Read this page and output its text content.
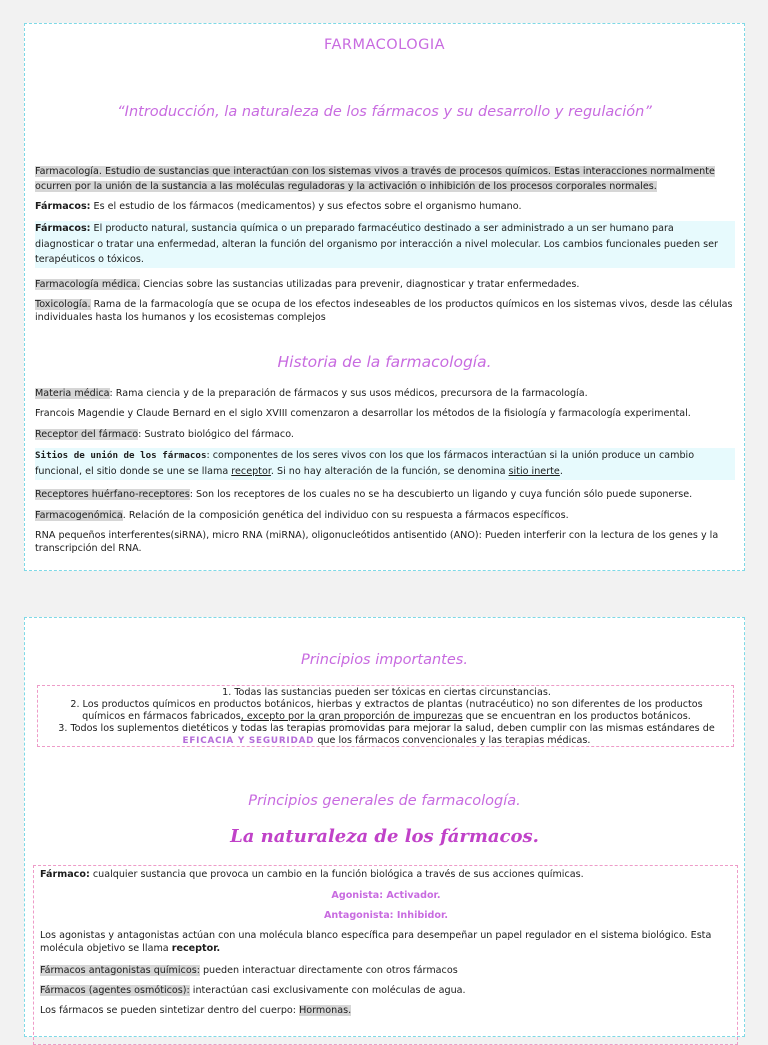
FARMACOLOGIA
“Introducción, la naturaleza de los fármacos y su desarrollo y regulación”
Farmacología. Estudio de sustancias que interactúan con los sistemas vivos a través de procesos químicos. Estas interacciones normalmente ocurren por la unión de la sustancia a las moléculas reguladoras y la activación o inhibición de los procesos corporales normales.
Fármacos: Es el estudio de los fármacos (medicamentos) y sus efectos sobre el organismo humano.
Fármacos: El producto natural, sustancia química o un preparado farmacéutico destinado a ser administrado a un ser humano para diagnosticar o tratar una enfermedad, alteran la función del organismo por interacción a nivel molecular. Los cambios funcionales pueden ser terapéuticos o tóxicos.
Farmacología médica. Ciencias sobre las sustancias utilizadas para prevenir, diagnosticar y tratar enfermedades.
Toxicología. Rama de la farmacología que se ocupa de los efectos indeseables de los productos químicos en los sistemas vivos, desde las células individuales hasta los humanos y los ecosistemas complejos
Historia de la farmacología.
Materia médica: Rama ciencia y de la preparación de fármacos y sus usos médicos, precursora de la farmacología.
Francois Magendie y Claude Bernard en el siglo XVIII comenzaron a desarrollar los métodos de la fisiología y farmacología experimental.
Receptor del fármaco: Sustrato biológico del fármaco.
Sitios de unión de los fármacos: componentes de los seres vivos con los que los fármacos interactúan si la unión produce un cambio funcional, el sitio donde se une se llama receptor. Si no hay alteración de la función, se denomina sitio inerte.
Receptores huérfano-receptores: Son los receptores de los cuales no se ha descubierto un ligando y cuya función sólo puede suponerse.
Farmacogenómica. Relación de la composición genética del individuo con su respuesta a fármacos específicos.
RNA pequeños interferentes(siRNA), micro RNA (miRNA), oligonucleótidos antisentido (ANO): Pueden interferir con la lectura de los genes y la transcripción del RNA.
Principios importantes.
1. Todas las sustancias pueden ser tóxicas en ciertas circunstancias.
2. Los productos químicos en productos botánicos, hierbas y extractos de plantas (nutracéutico) no son diferentes de los productos químicos en fármacos fabricados, excepto por la gran proporción de impurezas que se encuentran en los productos botánicos.
3. Todos los suplementos dietéticos y todas las terapias promovidas para mejorar la salud, deben cumplir con las mismas estándares de EFICACIA Y SEGURIDAD que los fármacos convencionales y las terapias médicas.
Principios generales de farmacología.
La naturaleza de los fármacos.
Fármaco: cualquier sustancia que provoca un cambio en la función biológica a través de sus acciones químicas.
Agonista: Activador.
Antagonista: Inhibidor.
Los agonistas y antagonistas actúan con una molécula blanco específica para desempeñar un papel regulador en el sistema biológico. Esta molécula objetivo se llama receptor.
Fármacos antagonistas químicos: pueden interactuar directamente con otros fármacos
Fármacos (agentes osmóticos): interactúan casi exclusivamente con moléculas de agua.
Los fármacos se pueden sintetizar dentro del cuerpo: Hormonas.
